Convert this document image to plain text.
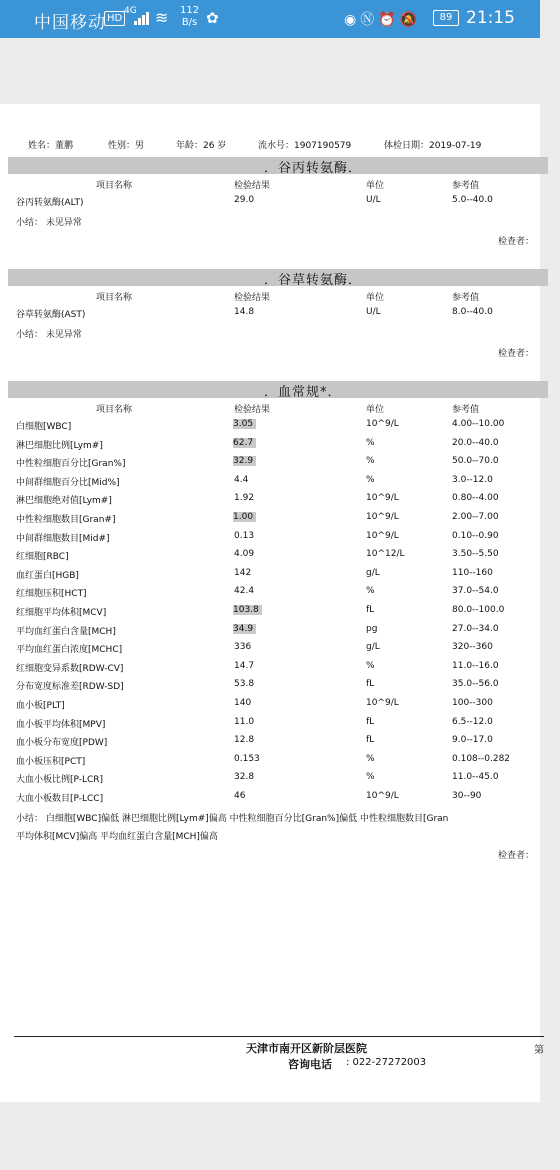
中国移动 HD
4G ≋ 112
B/s ✿	◉Ⓝ⏰🔕	89 21:15
姓名：董鹏	性别：男	年龄：26 岁	流水号：1907190579	体检日期：2019-07-19
．谷丙转氨酶．
项目名称	检验结果	单位	参考值
谷丙转氨酶(ALT)	29.0	U/L	5.0--40.0
小结： 未见异常
检查者：
．谷草转氨酶．
项目名称	检验结果	单位	参考值
谷草转氨酶(AST)	14.8	U/L	8.0--40.0
小结： 未见异常
检查者：
．血常规*．
项目名称	检验结果	单位	参考值
白细胞[WBC]	3.05	10^9/L	4.00--10.00
淋巴细胞比例[Lym#]	62.7	%	20.0--40.0
中性粒细胞百分比[Gran%]	32.9	%	50.0--70.0
中间群细胞百分比[Mid%]	4.4	%	3.0--12.0
淋巴细胞绝对值[Lym#]	1.92	10^9/L	0.80--4.00
中性粒细胞数目[Gran#]	1.00	10^9/L	2.00--7.00
中间群细胞数目[Mid#]	0.13	10^9/L	0.10--0.90
红细胞[RBC]	4.09	10^12/L	3.50--5.50
血红蛋白[HGB]	142	g/L	110--160
红细胞压积[HCT]	42.4	%	37.0--54.0
红细胞平均体积[MCV]	103.8	fL	80.0--100.0
平均血红蛋白含量[MCH]	34.9	pg	27.0--34.0
平均血红蛋白浓度[MCHC]	336	g/L	320--360
红细胞变异系数[RDW-CV]	14.7	%	11.0--16.0
分布宽度标准差[RDW-SD]	53.8	fL	35.0--56.0
血小板[PLT]	140	10^9/L	100--300
血小板平均体积[MPV]	11.0	fL	6.5--12.0
血小板分布宽度[PDW]	12.8	fL	9.0--17.0
血小板压积[PCT]	0.153	%	0.108--0.282
大血小板比例[P-LCR]	32.8	%	11.0--45.0
大血小板数目[P-LCC]	46	10^9/L	30--90
小结： 白细胞[WBC]偏低 淋巴细胞比例[Lym#]偏高 中性粒细胞百分比[Gran%]偏低 中性粒细胞数目[Gran
平均体积[MCV]偏高 平均血红蛋白含量[MCH]偏高
检查者：
天津市南开区新阶层医院
咨询电话 : 022-27272003
第
